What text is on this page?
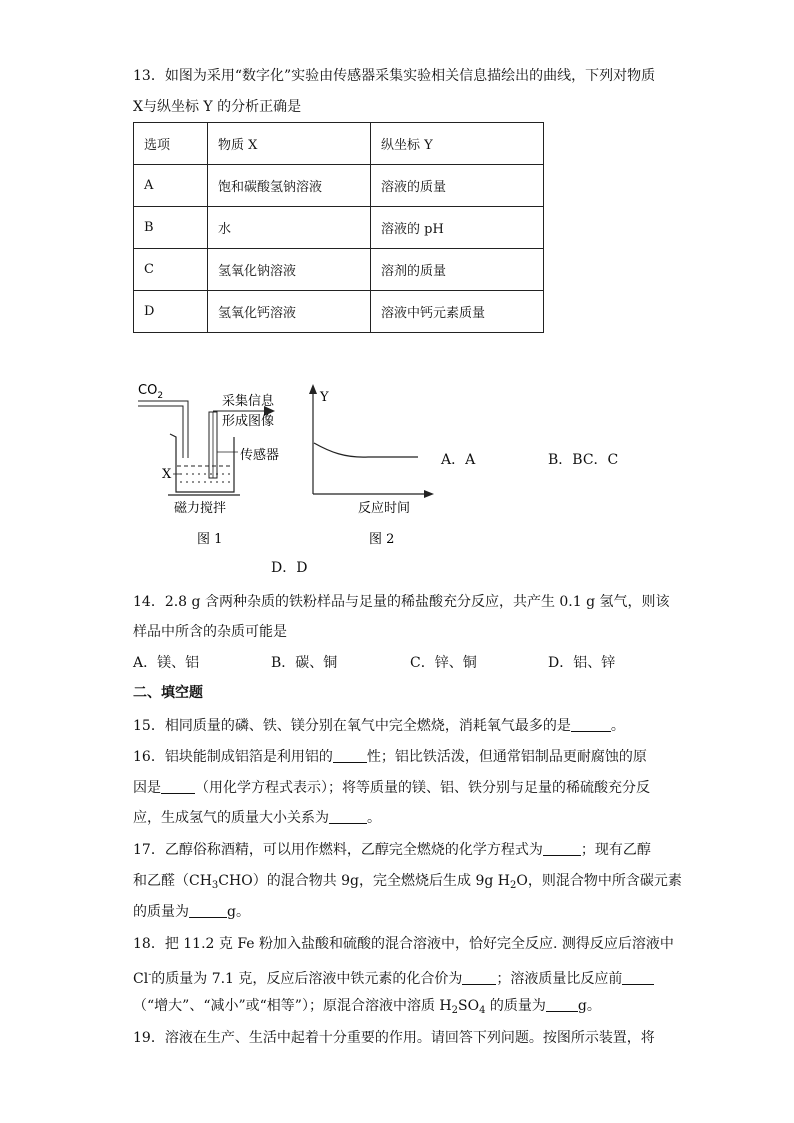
13．如图为采用“数字化”实验由传感器采集实验相关信息描绘出的曲线，下列对物质
X与纵坐标 Y 的分析正确是
选项	物质 X	纵坐标 Y
A	饱和碳酸氢钠溶液	溶液的质量
B	水	溶液的 pH
C	氢氧化钠溶液	溶剂的质量
D	氢氧化钙溶液	溶液中钙元素质量
$CO_2$	采集信息
形成图像
传感器
X
磁力搅拌
图 1
Y
反应时间
图 2
A．A	B．BC．C
D．D
14．2.8 g 含两种杂质的铁粉样品与足量的稀盐酸充分反应，共产生 0.1 g 氢气，则该
样品中所含的杂质可能是
A．镁、铝	B．碳、铜	C．锌、铜	D．铝、锌
二、填空题
15．相同质量的磷、铁、镁分别在氧气中完全燃烧，消耗氧气最多的是	。
16．铝块能制成铝箔是利用铝的 性；铝比铁活泼，但通常铝制品更耐腐蚀的原
因是 （用化学方程式表示）；将等质量的镁、铝、铁分别与足量的稀硫酸充分反
应，生成氢气的质量大小关系为	。
17．乙醇俗称酒精，可以用作燃料，乙醇完全燃烧的化学方程式为	；现有乙醇
和乙醛$(CH_3CHO)$的混合物共 9g，完全燃烧后生成 9g $H_2O$，则混合物中所含碳元素
的质量为	g。
18．把 11.2 克 Fe 粉加入盐酸和硫酸的混合溶液中，恰好完全反应. 测得反应后溶液中
Cl-的质量为 7.1 克，反应后溶液中铁元素的化合价为 ；溶液质量比反应前
（“增大”、“减小”或“相等”）；原混合溶液中溶质 $H_2SO_4$ 的质量为 g。
19．溶液在生产、生活中起着十分重要的作用。请回答下列问题。按图所示装置，将
